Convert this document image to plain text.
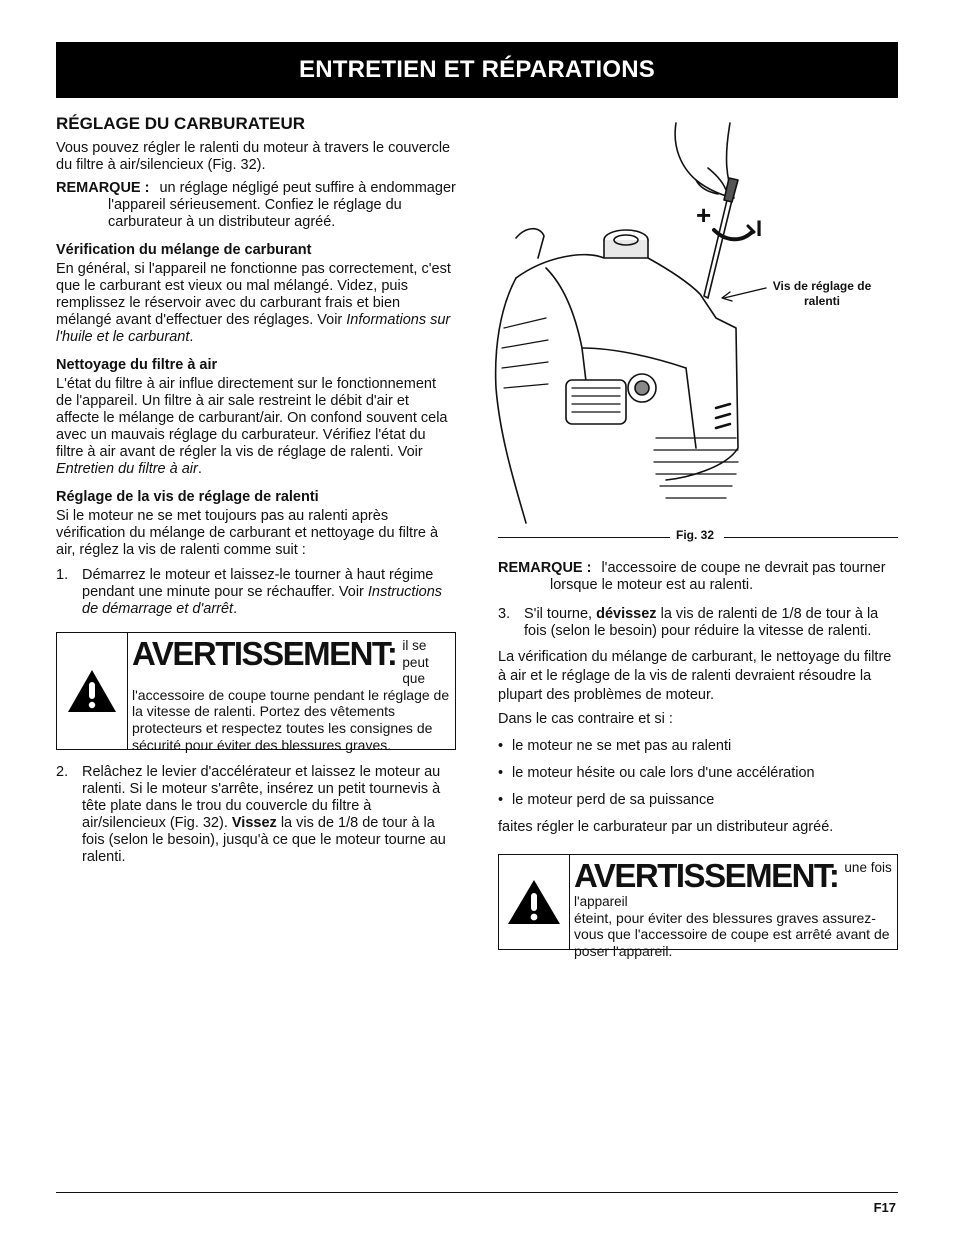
ENTRETIEN ET RÉPARATIONS
RÉGLAGE DU CARBURATEUR

Vous pouvez régler le ralenti du moteur à travers le couvercle du filtre à air/silencieux (Fig. 32).

REMARQUE : un réglage négligé peut suffire à endommager l'appareil sérieusement. Confiez le réglage du carburateur à un distributeur agréé.
Vérification du mélange de carburant

En général, si l'appareil ne fonctionne pas correctement, c'est que le carburant est vieux ou mal mélangé. Videz, puis remplissez le réservoir avec du carburant frais et bien mélangé avant d'effectuer des réglages. Voir Informations sur l'huile et le carburant.

Nettoyage du filtre à air

L'état du filtre à air influe directement sur le fonctionnement de l'appareil. Un filtre à air sale restreint le débit d'air et affecte le mélange de carburant/air. On confond souvent cela avec un mauvais réglage du carburateur. Vérifiez l'état du filtre à air avant de régler la vis de réglage de ralenti. Voir Entretien du filtre à air.

Réglage de la vis de réglage de ralenti

Si le moteur ne se met toujours pas au ralenti après vérification du mélange de carburant et nettoyage du filtre à air, réglez la vis de ralenti comme suit :

1. Démarrez le moteur et laissez-le tourner à haut régime pendant une minute pour se réchauffer. Voir Instructions de démarrage et d'arrêt.
AVERTISSEMENT: il se peut que
l'accessoire de coupe tourne pendant le réglage de la vitesse de ralenti. Portez des vêtements protecteurs et respectez toutes les consignes de sécurité pour éviter des blessures graves.
2. Relâchez le levier d'accélérateur et laissez le moteur au ralenti. Si le moteur s'arrête, insérez un petit tournevis à tête plate dans le trou du couvercle du filtre à air/silencieux (Fig. 32). Vissez la vis de 1/8 de tour à la fois (selon le besoin), jusqu'à ce que le moteur tourne au ralenti.
+ I
Vis de réglage de ralenti
Fig. 32
REMARQUE : l'accessoire de coupe ne devrait pas tourner lorsque le moteur est au ralenti.
3. S'il tourne, dévissez la vis de ralenti de 1/8 de tour à la fois (selon le besoin) pour réduire la vitesse de ralenti.

La vérification du mélange de carburant, le nettoyage du filtre à air et le réglage de la vis de ralenti devraient résoudre la plupart des problèmes de moteur.

Dans le cas contraire et si :

• le moteur ne se met pas au ralenti
• le moteur hésite ou cale lors d'une accélération
• le moteur perd de sa puissance

faites régler le carburateur par un distributeur agréé.

AVERTISSEMENT: une fois l'appareil
éteint, pour éviter des blessures graves assurez-vous que l'accessoire de coupe est arrêté avant de poser l'appareil.
F17
